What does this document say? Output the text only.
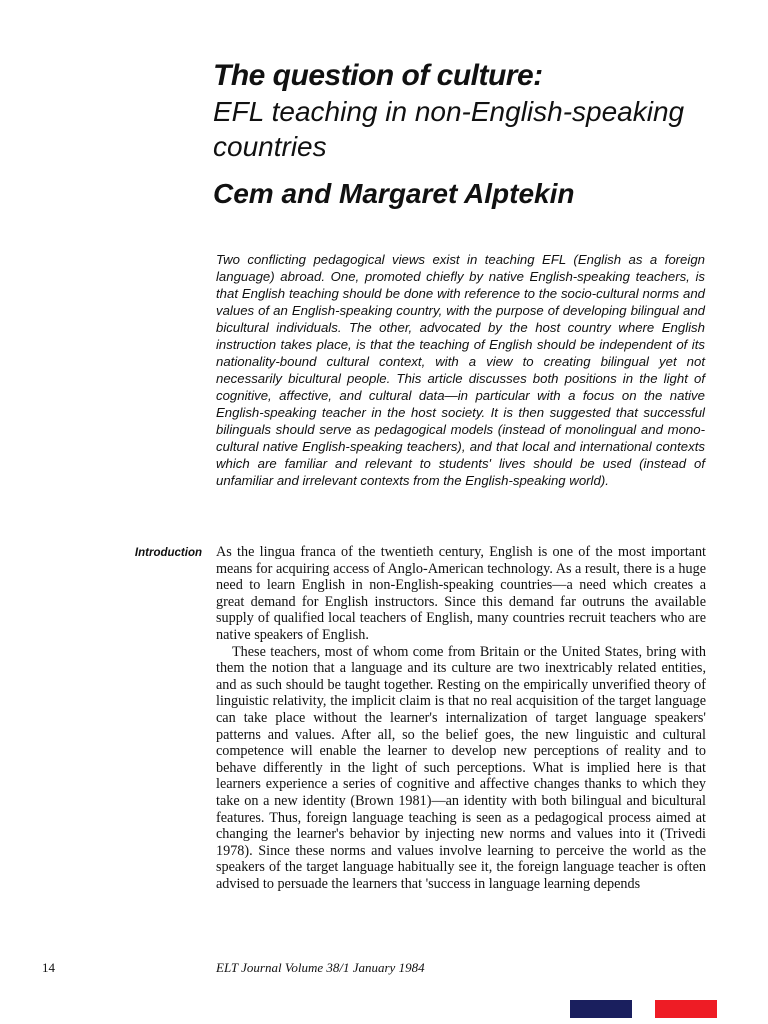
The question of culture:
EFL teaching in non-English-speaking countries
Cem and Margaret Alptekin

Two conflicting pedagogical views exist in teaching EFL (English as a foreign language) abroad. One, promoted chiefly by native English-speaking teachers, is that English teaching should be done with reference to the socio-cultural norms and values of an English-speaking country, with the purpose of developing bilingual and bicultural individuals. The other, advocated by the host country where English instruction takes place, is that the teaching of English should be independent of its nationality-bound cultural context, with a view to creating bilingual yet not necessarily bicultural people. This article discusses both positions in the light of cognitive, affective, and cultural data—in particular with a focus on the native English-speaking teacher in the host society. It is then suggested that successful bilinguals should serve as pedagogical models (instead of monolingual and mono-cultural native English-speaking teachers), and that local and international contexts which are familiar and relevant to students' lives should be used (instead of unfamiliar and irrelevant contexts from the English-speaking world).

Introduction As the lingua franca of the twentieth century, English is one of the most important means for acquiring access of Anglo-American technology. As a result, there is a huge need to learn English in non-English-speaking countries—a need which creates a great demand for English instructors. Since this demand far outruns the available supply of qualified local teachers of English, many countries recruit teachers who are native speakers of English.

These teachers, most of whom come from Britain or the United States, bring with them the notion that a language and its culture are two inextricably related entities, and as such should be taught together. Resting on the empirically unverified theory of linguistic relativity, the implicit claim is that no real acquisition of the target language can take place without the learner's internalization of target language speakers' patterns and values. After all, so the belief goes, the new linguistic and cultural competence will enable the learner to develop new perceptions of reality and to behave differently in the light of such perceptions. What is implied here is that learners experience a series of cognitive and affective changes thanks to which they take on a new identity (Brown 1981)—an identity with both bilingual and bicultural features. Thus, foreign language teaching is seen as a pedagogical process aimed at changing the learner's behavior by injecting new norms and values into it (Trivedi 1978). Since these norms and values involve learning to perceive the world as the speakers of the target language habitually see it, the foreign language teacher is often advised to persuade the learners that 'success in language learning depends

14	ELT Journal Volume 38/1 January 1984
